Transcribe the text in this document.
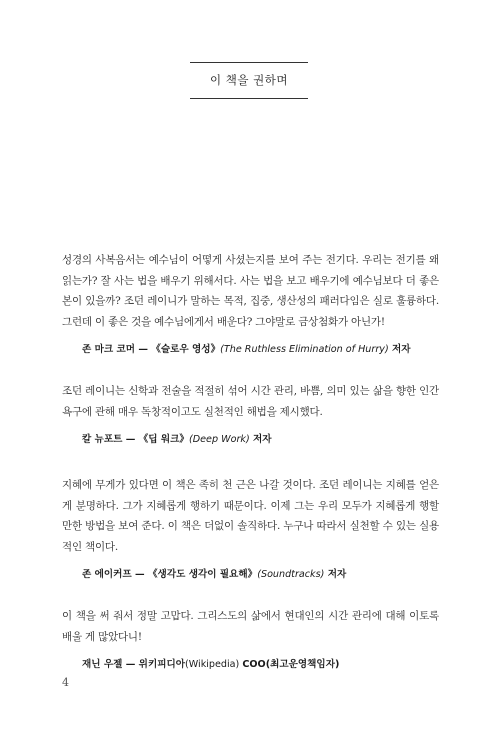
이 책을 권하며

성경의 사복음서는 예수님이 어떻게 사셨는지를 보여 주는 전기다. 우리는 전기를 왜 읽는가? 잘 사는 법을 배우기 위해서다. 사는 법을 보고 배우기에 예수님보다 더 좋은 본이 있을까? 조던 레이니가 말하는 목적, 집중, 생산성의 패러다임은 실로 훌륭하다. 그런데 이 좋은 것을 예수님에게서 배운다? 그야말로 금상첨화가 아닌가!

존 마크 코머 — 《슬로우 영성》(The Ruthless Elimination of Hurry) 저자

조던 레이니는 신학과 전술을 적절히 섞어 시간 관리, 바쁨, 의미 있는 삶을 향한 인간 욕구에 관해 매우 독창적이고도 실천적인 해법을 제시했다.

칼 뉴포트 — 《딥 워크》(Deep Work) 저자

지혜에 무게가 있다면 이 책은 족히 천 근은 나갈 것이다. 조던 레이니는 지혜를 얻은 게 분명하다. 그가 지혜롭게 행하기 때문이다. 이제 그는 우리 모두가 지혜롭게 행할 만한 방법을 보여 준다. 이 책은 더없이 솔직하다. 누구나 따라서 실천할 수 있는 실용적인 책이다.

존 에이커프 — 《생각도 생각이 필요해》(Soundtracks) 저자

이 책을 써 줘서 정말 고맙다. 그리스도의 삶에서 현대인의 시간 관리에 대해 이토록 배울 게 많았다니!

재닌 우젤 — 위키피디아(Wikipedia) COO(최고운영책임자)
4
